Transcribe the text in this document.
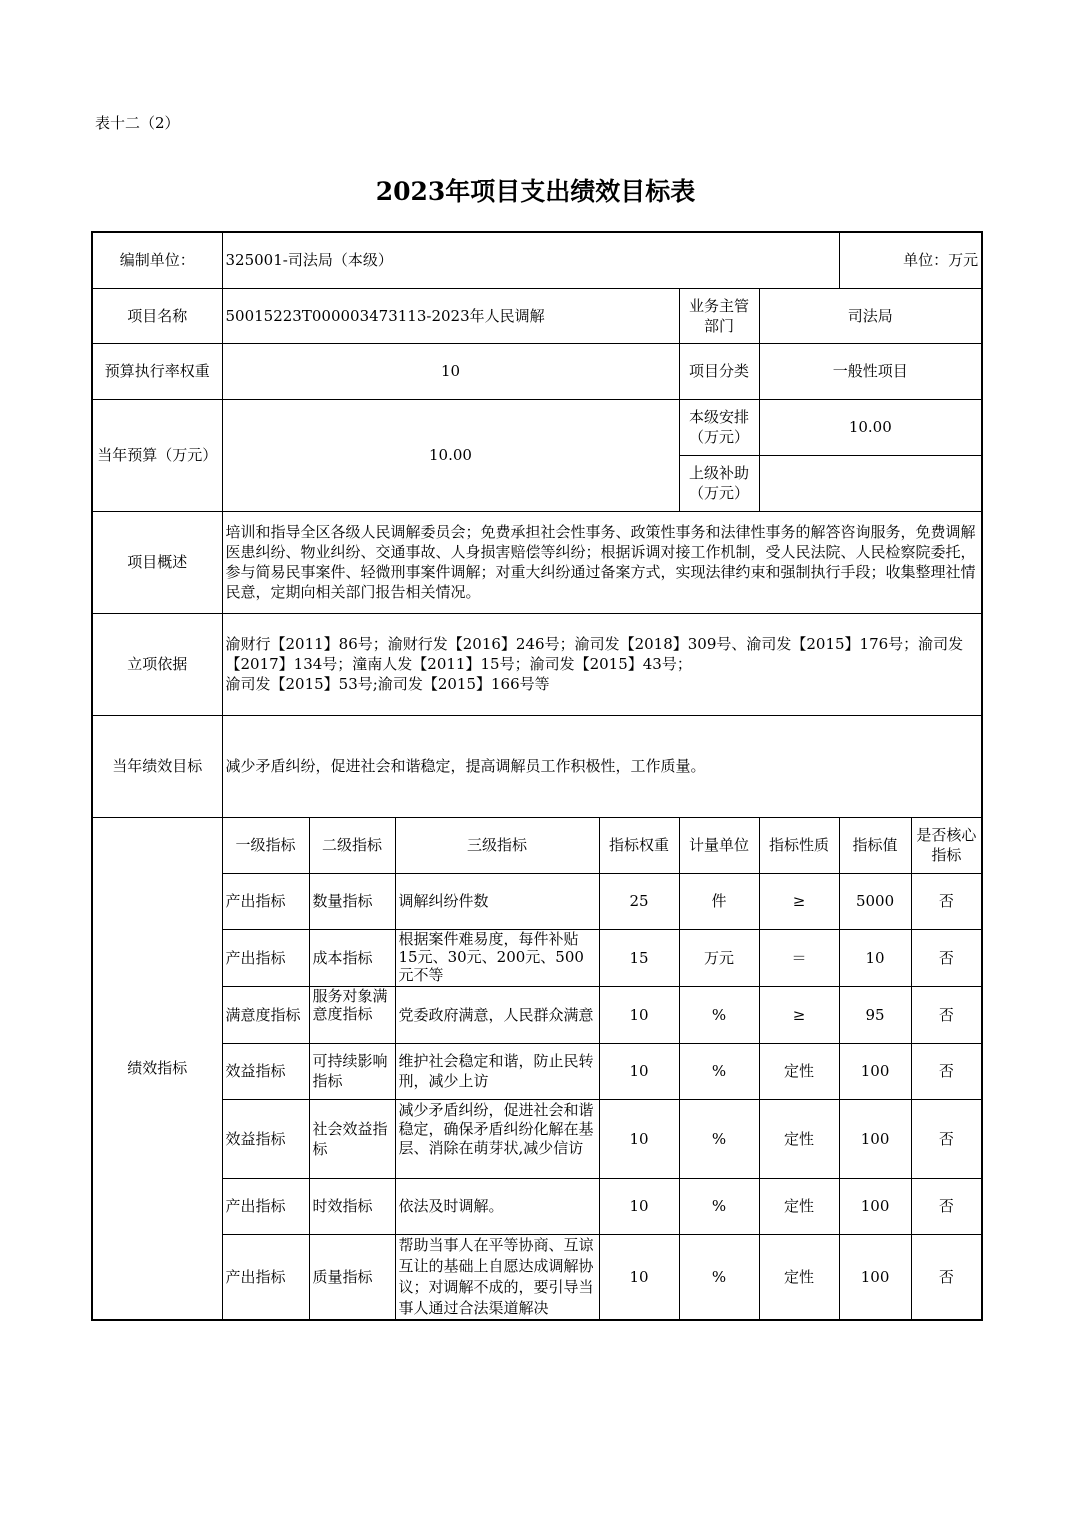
表十二（2）
2023年项目支出绩效目标表
编制单位：	325001-司法局（本级）						单位：万元	
项目名称	50015223T000003473113-2023年人民调解				业务主管部门	司法局		
预算执行率权重	10				项目分类	一般性项目		
当年预算（万元）	10.00				本级安排（万元）	10.00		
					上级补助（万元）			
项目概述	培训和指导全区各级人民调解委员会；免费承担社会性事务、政策性事务和法律性事务的解答咨询服务，免费调解医患纠纷、物业纠纷、交通事故、人身损害赔偿等纠纷；根据诉调对接工作机制，受人民法院、人民检察院委托，参与简易民事案件、轻微刑事案件调解；对重大纠纷通过备案方式，实现法律约束和强制执行手段；收集整理社情民意，定期向相关部门报告相关情况。							
立项依据	渝财行【2011】86号；渝财行发【2016】246号；渝司发【2018】309号、渝司发【2015】176号；渝司发【2017】134号；潼南人发【2011】15号；渝司发【2015】43号；
渝司发【2015】53号;渝司发【2015】166号等							
当年绩效目标	减少矛盾纠纷，促进社会和谐稳定，提高调解员工作积极性，工作质量。							
绩效指标	一级指标	二级指标	三级指标	指标权重	计量单位	指标性质	指标值	是否核心指标
	产出指标	数量指标	调解纠纷件数	25	件	≥	5000	否
	产出指标	成本指标	根据案件难易度，每件补贴15元、30元、200元、500元不等	15	万元	＝	10	否
	满意度指标	服务对象满意度指标	党委政府满意，人民群众满意	10	%	≥	95	否
	效益指标	可持续影响指标	维护社会稳定和谐，防止民转刑，减少上访	10	%	定性	100	否
	效益指标	社会效益指标	减少矛盾纠纷，促进社会和谐稳定，确保矛盾纠纷化解在基层、消除在萌芽状,减少信访	10	%	定性	100	否
	产出指标	时效指标	依法及时调解。	10	%	定性	100	否
	产出指标	质量指标	帮助当事人在平等协商、互谅互让的基础上自愿达成调解协议；对调解不成的，要引导当事人通过合法渠道解决	10	%	定性	100	否
